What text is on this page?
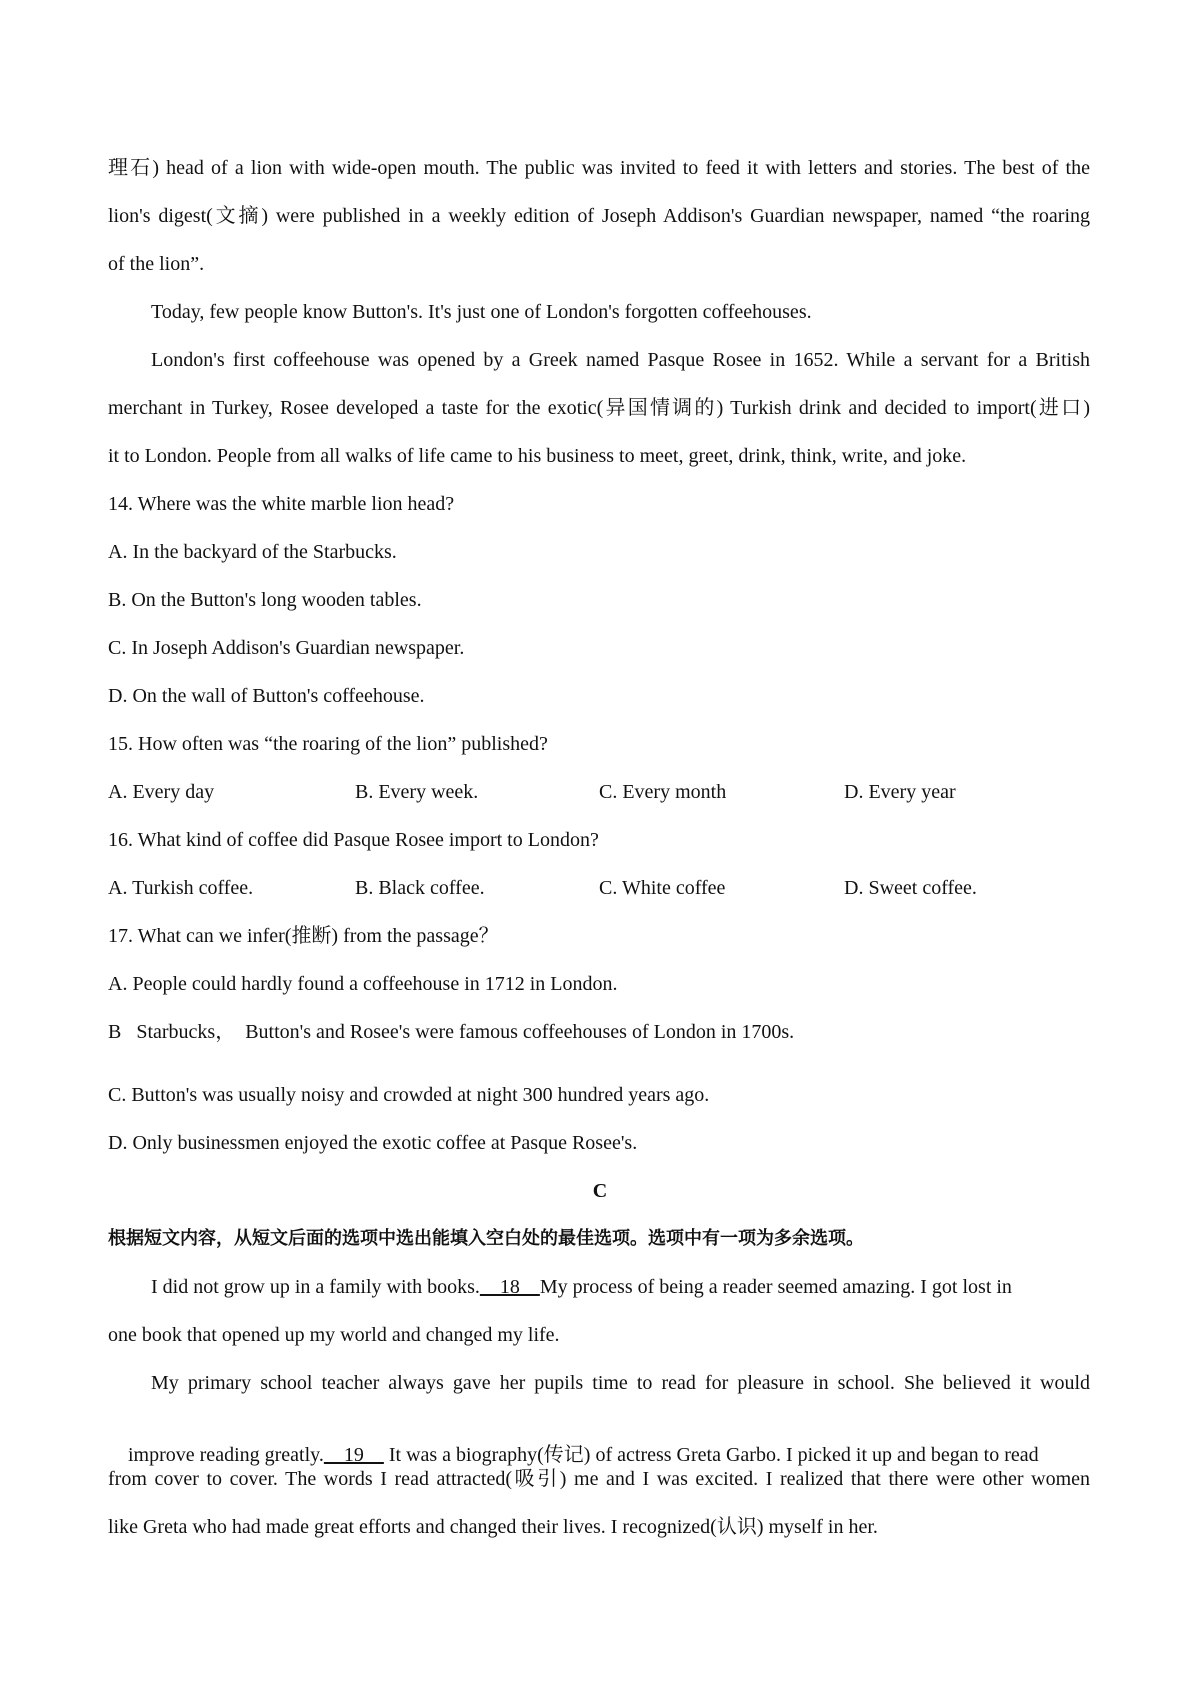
理石) head of a lion with wide-open mouth. The public was invited to feed it with letters and stories. The best of the
lion's digest(文摘) were published in a weekly edition of Joseph Addison's Guardian newspaper, named “the roaring
of the lion”.
Today, few people know Button's. It's just one of London's forgotten coffeehouses.
London's first coffeehouse was opened by a Greek named Pasque Rosee in 1652. While a servant for a British
merchant in Turkey, Rosee developed a taste for the exotic(异国情调的) Turkish drink and decided to import(进口)
it to London. People from all walks of life came to his business to meet, greet, drink, think, write, and joke.
14. Where was the white marble lion head?
A. In the backyard of the Starbucks.
B. On the Button's long wooden tables.
C. In Joseph Addison's Guardian newspaper.
D. On the wall of Button's coffeehouse.
15. How often was “the roaring of the lion” published?
A. Every day	B. Every week.	C. Every month	D. Every year
16. What kind of coffee did Pasque Rosee import to London?
A. Turkish coffee.	B. Black coffee.	C. White coffee	D. Sweet coffee.
17. What can we infer(推断) from the passage？
A. People could hardly found a coffeehouse in 1712 in London.
B   Starbucks，  Button's and Rosee's were famous coffeehouses of London in 1700s.
C. Button's was usually noisy and crowded at night 300 hundred years ago.
D. Only businessmen enjoyed the exotic coffee at Pasque Rosee's.
C
根据短文内容，从短文后面的选项中选出能填入空白处的最佳选项。选项中有一项为多余选项。
I did not grow up in a family with books.    18    My process of being a reader seemed amazing. I got lost in
one book that opened up my world and changed my life.
My primary school teacher always gave her pupils time to read for pleasure in school. She believed it would

improve reading greatly.    19     It was a biography(传记) of actress Greta Garbo. I picked it up and began to read

from cover to cover. The words I read attracted(吸引) me and I was excited. I realized that there were other women
like Greta who had made great efforts and changed their lives. I recognized(认识) myself in her.
